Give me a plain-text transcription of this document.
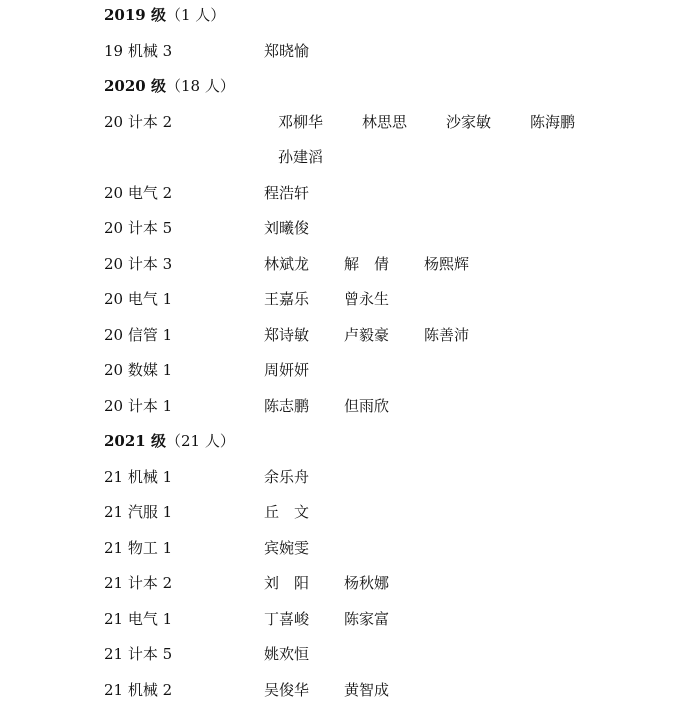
2019 级（1 人）
19 机械 3	郑晓愉
2020 级（18 人）
20 计本 2	邓柳华	林思思	沙家敏	陈海鹏
孙建滔
20 电气 2	程浩轩
20 计本 5	刘曦俊
20 计本 3	林斌龙 解　倩 杨熙辉
20 电气 1	王嘉乐 曾永生
20 信管 1	郑诗敏 卢毅豪 陈善沛
20 数媒 1	周妍妍
20 计本 1	陈志鹏 但雨欣
2021 级（21 人）
21 机械 1	余乐舟
21 汽服 1	丘　文
21 物工 1	宾婉雯
21 计本 2	刘　阳 杨秋娜
21 电气 1	丁喜峻 陈家富
21 计本 5	姚欢恒
21 机械 2	吴俊华 黄智成
